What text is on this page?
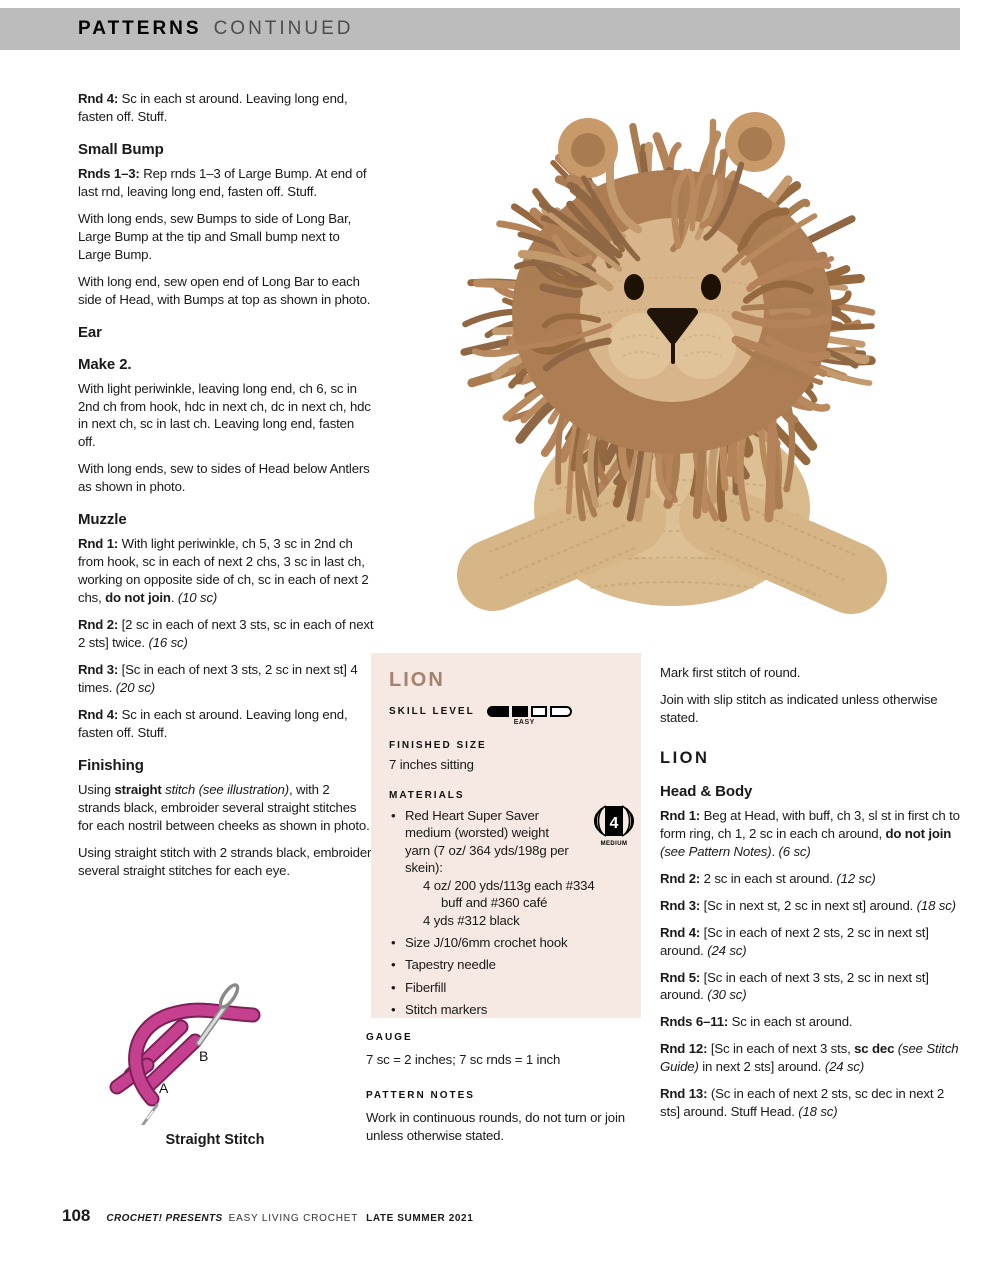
PATTERNS CONTINUED

Rnd 4: Sc in each st around. Leaving long end, fasten off. Stuff.

Small Bump

Rnds 1–3: Rep rnds 1–3 of Large Bump. At end of last rnd, leaving long end, fasten off. Stuff.

With long ends, sew Bumps to side of Long Bar, Large Bump at the tip and Small bump next to Large Bump.

With long end, sew open end of Long Bar to each side of Head, with Bumps at top as shown in photo.

Ear
Make 2.

With light periwinkle, leaving long end, ch 6, sc in 2nd ch from hook, hdc in next ch, dc in next ch, hdc in next ch, sc in last ch. Leaving long end, fasten off.

With long ends, sew to sides of Head below Antlers as shown in photo.

Muzzle

Rnd 1: With light periwinkle, ch 5, 3 sc in 2nd ch from hook, sc in each of next 2 chs, 3 sc in last ch, working on opposite side of ch, sc in each of next 2 chs, do not join. (10 sc)

Rnd 2: [2 sc in each of next 3 sts, sc in each of next 2 sts] twice. (16 sc)

Rnd 3: [Sc in each of next 3 sts, 2 sc in next st] 4 times. (20 sc)

Rnd 4: Sc in each st around. Leaving long end, fasten off. Stuff.

Finishing

Using straight stitch (see illustration), with 2 strands black, embroider several straight stitches for each nostril between cheeks as shown in photo.

Using straight stitch with 2 strands black, embroider several straight stitches for each eye.

A
B
Straight Stitch
LION
SKILL LEVEL
EASY
FINISHED SIZE

7 inches sitting

MATERIALS
• Red Heart Super Saver medium (worsted) weight yarn (7 oz/ 364 yds/198g per skein):
4 oz/ 200 yds/113g each #334
buff and #360 café
4 yds #312 black
• Size J/10/6mm crochet hook
• Tapestry needle
• Fiberfill
• Stitch markers
4
MEDIUM
GAUGE

7 sc = 2 inches; 7 sc rnds = 1 inch

PATTERN NOTES

Work in continuous rounds, do not turn or join unless otherwise stated.

Mark first stitch of round.

Join with slip stitch as indicated unless otherwise stated.

LION
Head & Body

Rnd 1: Beg at Head, with buff, ch 3, sl st in first ch to form ring, ch 1, 2 sc in each ch around, do not join (see Pattern Notes). (6 sc)

Rnd 2: 2 sc in each st around. (12 sc)

Rnd 3: [Sc in next st, 2 sc in next st] around. (18 sc)

Rnd 4: [Sc in each of next 2 sts, 2 sc in next st] around. (24 sc)

Rnd 5: [Sc in each of next 3 sts, 2 sc in next st] around. (30 sc)

Rnds 6–11: Sc in each st around.

Rnd 12: [Sc in each of next 3 sts, sc dec (see Stitch Guide) in next 2 sts] around. (24 sc)

Rnd 13: (Sc in each of next 2 sts, sc dec in next 2 sts] around. Stuff Head. (18 sc)

108 CROCHET! PRESENTS EASY LIVING CROCHET LATE SUMMER 2021
